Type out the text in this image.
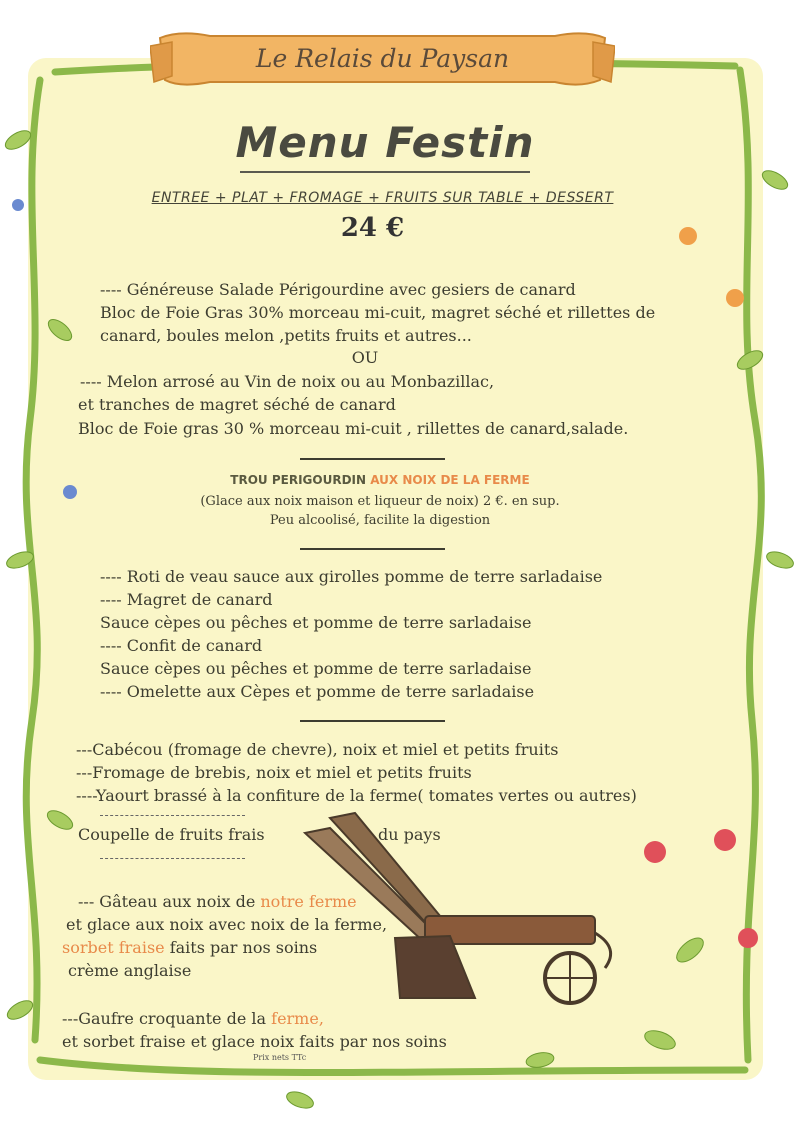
Le Relais du Paysan
Menu Festin
ENTREE + PLAT + FROMAGE + FRUITS SUR TABLE + DESSERT
24 €
---- Généreuse Salade Périgourdine avec gesiers de canard
Bloc de Foie Gras 30% morceau mi-cuit, magret séché et rillettes de
canard, boules melon ,petits fruits et autres...
OU
---- Melon arrosé au Vin de noix ou au Monbazillac,
et tranches de magret séché de canard
Bloc de Foie gras 30 % morceau mi-cuit , rillettes de canard,salade.
TROU PERIGOURDIN AUX NOIX DE LA FERME
(Glace aux noix maison et liqueur de noix) 2 €. en sup.
Peu alcoolisé, facilite la digestion
---- Roti de veau sauce aux girolles pomme de terre sarladaise
---- Magret de canard
Sauce cèpes ou pêches et pomme de terre sarladaise
---- Confit de canard
Sauce cèpes ou pêches et pomme de terre sarladaise
---- Omelette aux Cèpes et pomme de terre sarladaise
---Cabécou (fromage de chevre), noix et miel et petits fruits
---Fromage de brebis, noix et miel et petits fruits
----Yaourt brassé à la confiture de la ferme( tomates vertes ou autres)
Coupelle de fruits frais	du pays
--- Gâteau aux noix de notre ferme
et glace aux noix avec noix de la ferme,
sorbet fraise faits par nos soins
crème anglaise
---Gaufre croquante de la ferme,
et sorbet fraise et glace noix faits par nos soins
Prix nets TTc
